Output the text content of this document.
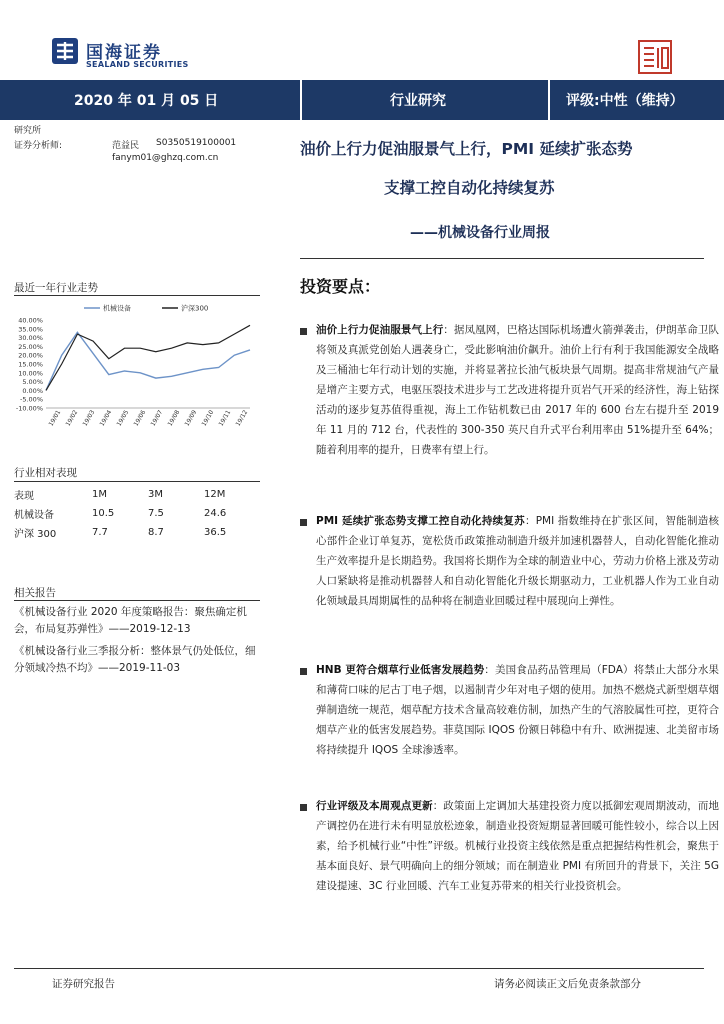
国海证券
SEALAND SECURITIES
2020 年 01 月 05 日	行业研究	评级:中性（维持）
研究所
证券分析师:	范益民 S0350519100001
fanym01@ghzq.com.cn	油价上行力促油服景气上行，PMI 延续扩张态势
支撑工控自动化持续复苏
——机械设备行业周报
最近一年行业走势
40.00%
35.00%
30.00%
25.00%
20.00%
15.00%
10.00%
5.00%
0.00%
-5.00%
-10.00%
19/01 19/02 19/03 19/04 19/05 19/06 19/07 19/08 19/09 19/10 19/11 19/12
机械设备	沪深300
行业相对表现
表现	1M	3M	12M
机械设备	10.5	7.5	24.6
沪深 300	7.7	8.7	36.5
相关报告
《机械设备行业 2020 年度策略报告：聚焦确定机会，布局复苏弹性》——2019-12-13
《机械设备行业三季报分析：整体景气仍处低位，细分领域冷热不均》——2019-11-03
投资要点：
油价上行力促油服景气上行：据凤凰网，巴格达国际机场遭火箭弹袭击，伊朗革命卫队将领及真派党创始人遇袭身亡，受此影响油价飙升。油价上行有利于我国能源安全战略及三桶油七年行动计划的实施，并将显著拉长油气板块景气周期。提高非常规油气产量是增产主要方式，电驱压裂技术进步与工艺改进将提升页岩气开采的经济性，海上钻探活动的逐步复苏值得重视，海上工作钻机数已由 2017 年的 600 台左右提升至 2019 年 11 月的 712 台，代表性的 300-350 英尺自升式平台利用率由 51%提升至 64%；随着利用率的提升，日费率有望上行。
PMI 延续扩张态势支撑工控自动化持续复苏：PMI 指数维持在扩张区间，智能制造核心部件企业订单复苏，宽松货币政策推动制造升级并加速机器替人，自动化智能化推动生产效率提升是长期趋势。我国将长期作为全球的制造业中心，劳动力价格上涨及劳动人口紧缺将是推动机器替人和自动化智能化升级长期驱动力，工业机器人作为工业自动化领域最具周期属性的品种将在制造业回暖过程中展现向上弹性。
HNB 更符合烟草行业低害发展趋势：美国食品药品管理局（FDA）将禁止大部分水果和薄荷口味的尼古丁电子烟，以遏制青少年对电子烟的使用。加热不燃烧式新型烟草烟弹制造统一规范，烟草配方技术含量高较难仿制，加热产生的气溶胶属性可控，更符合烟草产业的低害发展趋势。菲莫国际 IQOS 份额日韩稳中有升、欧洲提速、北美留市场将持续提升 IQOS 全球渗透率。
行业评级及本周观点更新：政策面上定调加大基建投资力度以抵御宏观周期波动，而地产调控仍在进行未有明显放松迹象，制造业投资短期显著回暖可能性较小，综合以上因素，给予机械行业“中性”评级。机械行业投资主线依然是重点把握结构性机会，聚焦于基本面良好、景气明确向上的细分领域；而在制造业 PMI 有所回升的背景下，关注 5G 建设提速、3C 行业回暖、汽车工业复苏带来的相关行业投资机会。
证券研究报告	请务必阅读正文后免责条款部分
